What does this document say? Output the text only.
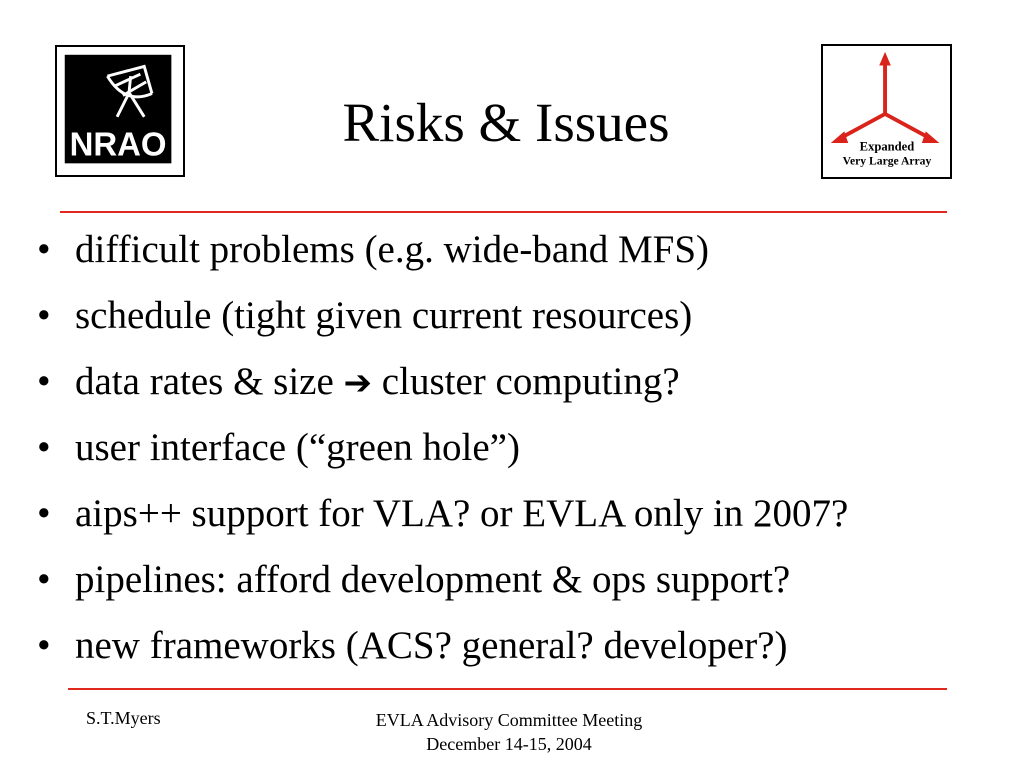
NRAO	Risks & Issues	Expanded
Very Large Array
• difficult problems (e.g. wide-band MFS)
• schedule (tight given current resources)
• data rates & size ➔ cluster computing?
• user interface (“green hole”)
• aips++ support for VLA? or EVLA only in 2007?
• pipelines: afford development & ops support?
• new frameworks (ACS? general? developer?)
S.T.Myers	EVLA Advisory Committee Meeting
December 14-15, 2004
